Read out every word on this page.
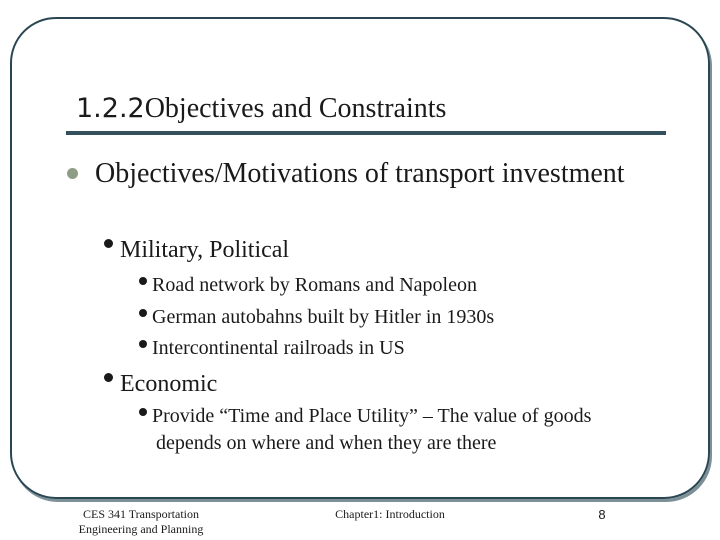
1.2.2Objectives and Constraints
Objectives/Motivations of transport investment
Military, Political
Road network by Romans and Napoleon
German autobahns built by Hitler in 1930s
Intercontinental railroads in US
Economic
Provide “Time and Place Utility” – The value of goods
depends on where and when they are there
CES 341 Transportation
Engineering and Planning
Chapter1: Introduction	8
